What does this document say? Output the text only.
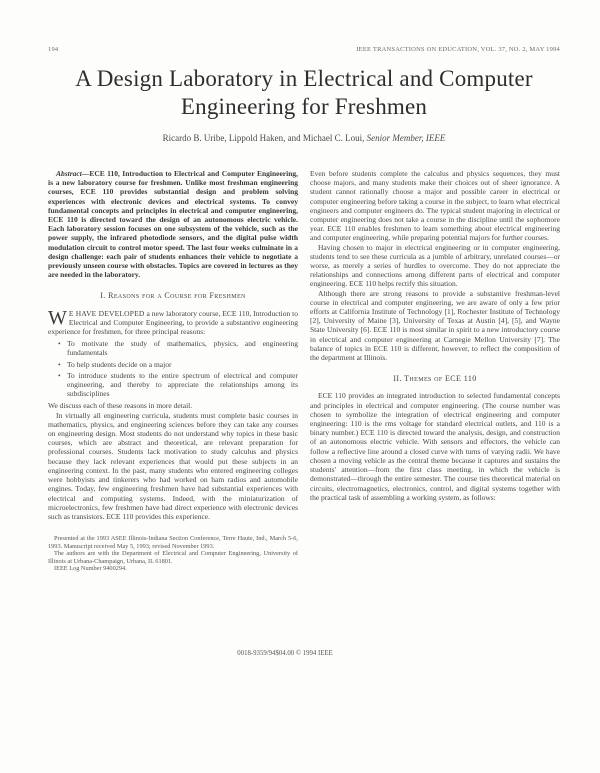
194	IEEE TRANSACTIONS ON EDUCATION, VOL. 37, NO. 2, MAY 1994
A Design Laboratory in Electrical and Computer Engineering for Freshmen
Ricardo B. Uribe, Lippold Haken, and Michael C. Loui, Senior Member, IEEE

Abstract—ECE 110, Introduction to Electrical and Computer Engineering, is a new laboratory course for freshmen. Unlike most freshman engineering courses, ECE 110 provides substantial design and problem solving experiences with electronic devices and electrical systems. To convey fundamental concepts and principles in electrical and computer engineering, ECE 110 is directed toward the design of an autonomous electric vehicle. Each laboratory session focuses on one subsystem of the vehicle, such as the power supply, the infrared photodiode sensors, and the digital pulse width modulation circuit to control motor speed. The last four weeks culminate in a design challenge: each pair of students enhances their vehicle to negotiate a previously unseen course with obstacles. Topics are covered in lectures as they are needed in the laboratory.

I. Reasons for a Course for Freshmen

W E HAVE DEVELOPED a new laboratory course, ECE 110, Introduction to Electrical and Computer Engineering, to provide a substantive engineering experience for freshmen, for three principal reasons:

• To motivate the study of mathematics, physics, and engineering fundamentals
• To help students decide on a major
• To introduce students to the entire spectrum of electrical and computer engineering, and thereby to appreciate the relationships among its subdisciplines

We discuss each of these reasons in more detail.

In virtually all engineering curricula, students must complete basic courses in mathematics, physics, and engineering sciences before they can take any courses on engineering design. Most students do not understand why topics in these basic courses, which are abstract and theoretical, are relevant preparation for professional courses. Students lack motivation to study calculus and physics because they lack relevant experiences that would put these subjects in an engineering context. In the past, many students who entered engineering colleges were hobbyists and tinkerers who had worked on ham radios and automobile engines. Today, few engineering freshmen have had substantial experiences with electrical and computing systems. Indeed, with the miniaturization of microelectronics, few freshmen have had direct experience with electronic devices such as transistors. ECE 110 provides this experience.

Presented at the 1993 ASEE Illinois-Indiana Section Conference, Terre Haute, Ind., March 5-6, 1993. Manuscript received May 5, 1993; revised November 1993.

The authors are with the Department of Electrical and Computer Engineering, University of Illinois at Urbana-Champaign, Urbana, IL 61801.

IEEE Log Number 9400294.

Even before students complete the calculus and physics sequences, they must choose majors, and many students make their choices out of sheer ignorance. A student cannot rationally choose a major and possible career in electrical or computer engineering before taking a course in the subject, to learn what electrical engineers and computer engineers do. The typical student majoring in electrical or computer engineering does not take a course in the discipline until the sophomore year. ECE 110 enables freshmen to learn something about electrical engineering and computer engineering, while preparing potential majors for further courses.

Having chosen to major in electrical engineering or in computer engineering, students tend to see these curricula as a jumble of arbitrary, unrelated courses—or worse, as merely a series of hurdles to overcome. They do not appreciate the relationships and connections among different parts of electrical and computer engineering. ECE 110 helps rectify this situation.

Although there are strong reasons to provide a substantive freshman-level course in electrical and computer engineering, we are aware of only a few prior efforts at California Institute of Technology [1], Rochester Institute of Technology [2], University of Maine [3], University of Texas at Austin [4], [5], and Wayne State University [6]. ECE 110 is most similar in spirit to a new introductory course in electrical and computer engineering at Carnegie Mellon University [7]. The balance of topics in ECE 110 is different, however, to reflect the composition of the department at Illinois.

II. Themes of ECE 110

ECE 110 provides an integrated introduction to selected fundamental concepts and principles in electrical and computer engineering. (The course number was chosen to symbolize the integration of electrical engineering and computer engineering: 110 is the rms voltage for standard electrical outlets, and 110 is a binary number.) ECE 110 is directed toward the analysis, design, and construction of an autonomous electric vehicle. With sensors and effectors, the vehicle can follow a reflective line around a closed curve with turns of varying radii. We have chosen a moving vehicle as the central theme because it captures and sustains the students' attention—from the first class meeting, in which the vehicle is demonstrated—through the entire semester. The course ties theoretical material on circuits, electromagnetics, electronics, control, and digital systems together with the practical task of assembling a working system, as follows:

0018-9359/94$04.00 © 1994 IEEE
